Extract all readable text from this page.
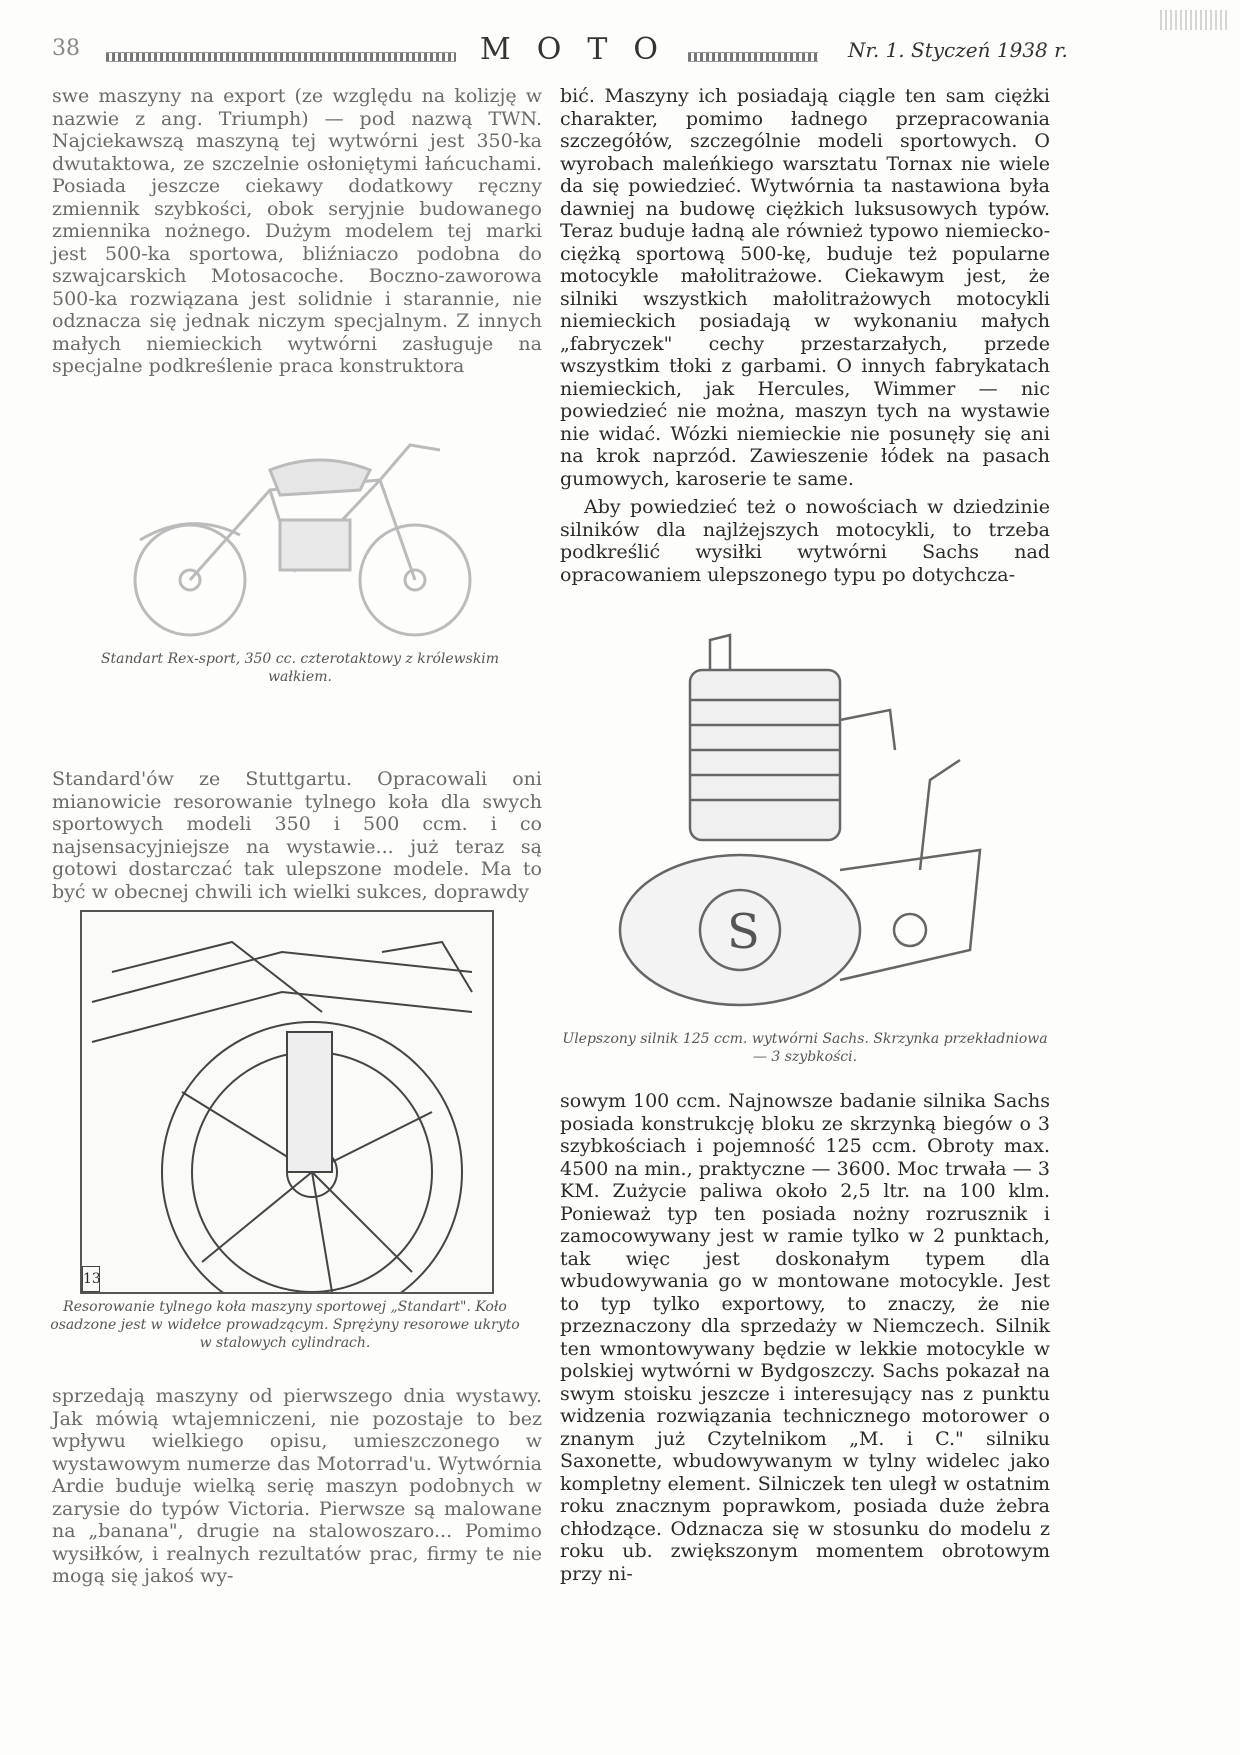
38	MOTO	Nr. 1. Styczeń 1938 r.

swe maszyny na export (ze względu na kolizję w nazwie z ang. Triumph) — pod nazwą TWN. Najciekawszą maszyną tej wytwórni jest 350-ka dwutaktowa, ze szczelnie osłoniętymi łańcuchami. Posiada jeszcze ciekawy dodatkowy ręczny zmiennik szybkości, obok seryjnie budowanego zmiennika nożnego. Dużym modelem tej marki jest 500-ka sportowa, bliźniaczo podobna do szwajcarskich Motosacoche. Boczno-zaworowa 500-ka rozwiązana jest solidnie i starannie, nie odznacza się jednak niczym specjalnym. Z innych małych niemieckich wytwórni zasługuje na specjalne podkreślenie praca konstruktora

Standart Rex-sport, 350 cc. czterotaktowy z królewskim wałkiem.

Standard'ów ze Stuttgartu. Opracowali oni mianowicie resorowanie tylnego koła dla swych sportowych modeli 350 i 500 ccm. i co najsensacyjniejsze na wystawie... już teraz są gotowi dostarczać tak ulepszone modele. Ma to być w obecnej chwili ich wielki sukces, doprawdy

13
Resorowanie tylnego koła maszyny sportowej „Standart". Koło osadzone jest w widełce prowadzącym. Sprężyny resorowe ukryto w stalowych cylindrach.

sprzedają maszyny od pierwszego dnia wystawy. Jak mówią wtajemniczeni, nie pozostaje to bez wpływu wielkiego opisu, umieszczonego w wystawowym numerze das Motorrad'u. Wytwórnia Ardie buduje wielką serię maszyn podobnych w zarysie do typów Victoria. Pierwsze są malowane na „banana", drugie na stalowoszaro... Pomimo wysiłków, i realnych rezultatów prac, firmy te nie mogą się jakoś wy-

bić. Maszyny ich posiadają ciągle ten sam ciężki charakter, pomimo ładnego przepracowania szczegółów, szczególnie modeli sportowych. O wyrobach maleńkiego warsztatu Tornax nie wiele da się powiedzieć. Wytwórnia ta nastawiona była dawniej na budowę ciężkich luksusowych typów. Teraz buduje ładną ale również typowo niemiecko-ciężką sportową 500-kę, buduje też popularne motocykle małolitrażowe. Ciekawym jest, że silniki wszystkich małolitrażowych motocykli niemieckich posiadają w wykonaniu małych „fabryczek" cechy przestarzałych, przede wszystkim tłoki z garbami. O innych fabrykatach niemieckich, jak Hercules, Wimmer — nic powiedzieć nie można, maszyn tych na wystawie nie widać. Wózki niemieckie nie posunęły się ani na krok naprzód. Zawieszenie łódek na pasach gumowych, karoserie te same.

Aby powiedzieć też o nowościach w dziedzinie silników dla najlżejszych motocykli, to trzeba podkreślić wysiłki wytwórni Sachs nad opracowaniem ulepszonego typu po dotychcza-

S
Ulepszony silnik 125 ccm. wytwórni Sachs. Skrzynka przekładniowa — 3 szybkości.

sowym 100 ccm. Najnowsze badanie silnika Sachs posiada konstrukcję bloku ze skrzynką biegów o 3 szybkościach i pojemność 125 ccm. Obroty max. 4500 na min., praktyczne — 3600. Moc trwała — 3 KM. Zużycie paliwa około 2,5 ltr. na 100 klm. Ponieważ typ ten posiada nożny rozrusznik i zamocowywany jest w ramie tylko w 2 punktach, tak więc jest doskonałym typem dla wbudowywania go w montowane motocykle. Jest to typ tylko exportowy, to znaczy, że nie przeznaczony dla sprzedaży w Niemczech. Silnik ten wmontowywany będzie w lekkie motocykle w polskiej wytwórni w Bydgoszczy. Sachs pokazał na swym stoisku jeszcze i interesujący nas z punktu widzenia rozwiązania technicznego motorower o znanym już Czytelnikom „M. i C." silniku Saxonette, wbudowywanym w tylny widelec jako kompletny element. Silniczek ten uległ w ostatnim roku znacznym poprawkom, posiada duże żebra chłodzące. Odznacza się w stosunku do modelu z roku ub. zwiększonym momentem obrotowym przy ni-
